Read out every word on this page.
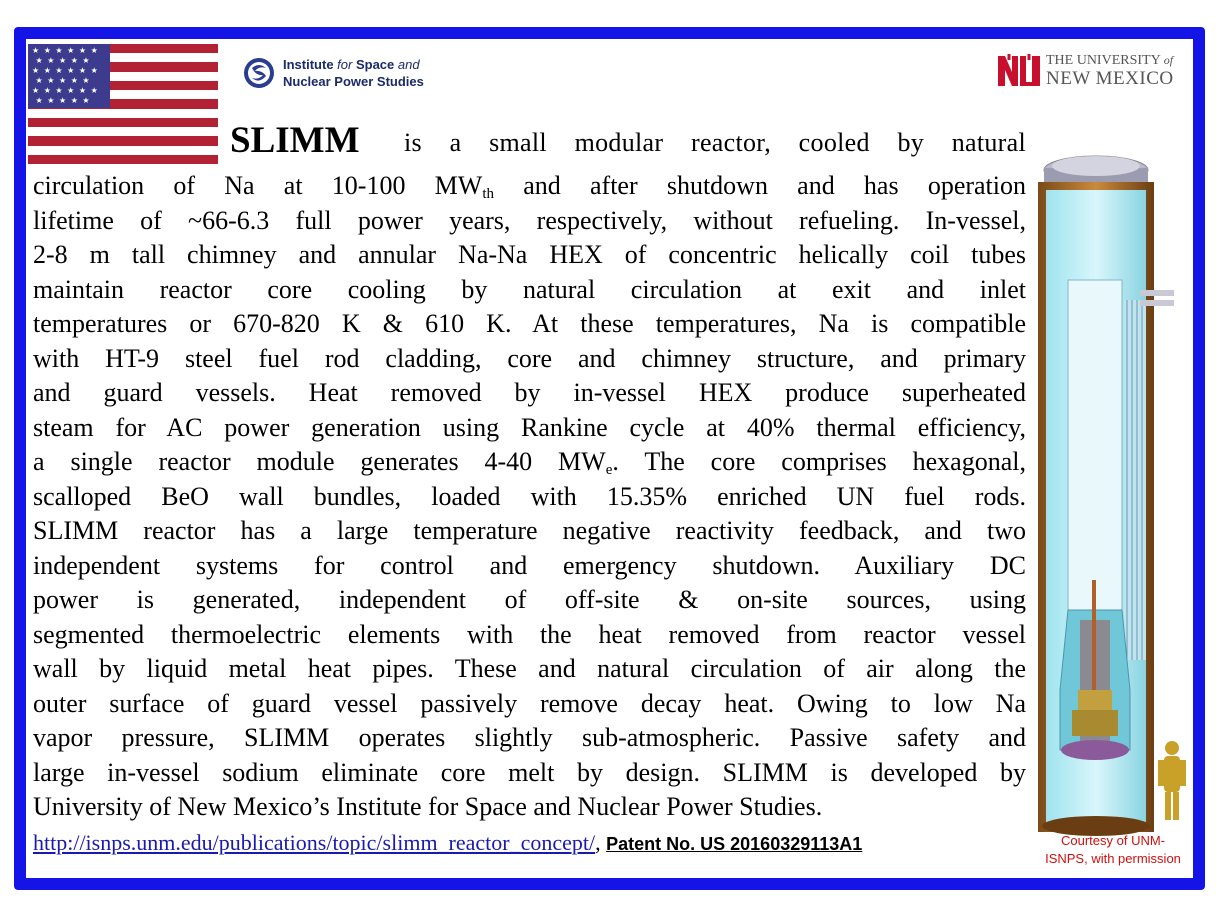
★ ★ ★ ★ ★ ★
★ ★ ★ ★ ★
★ ★ ★ ★ ★ ★
★ ★ ★ ★ ★
★ ★ ★ ★ ★ ★
★ ★ ★ ★ ★
Institute for Space and
Nuclear Power Studies
THE UNIVERSITY of
NEW MEXICO
SLIMM is a small modular reactor, cooled by natural
circulation of Na at 10-100 $MW_{th}$ and after shutdown and has operation
lifetime of ~66-6.3 full power years, respectively, without refueling. In-vessel,
2-8 m tall chimney and annular Na-Na HEX of concentric helically coil tubes
maintain reactor core cooling by natural circulation at exit and inlet
temperatures or 670-820 K & 610 K. At these temperatures, Na is compatible
with HT-9 steel fuel rod cladding, core and chimney structure, and primary
and guard vessels. Heat removed by in-vessel HEX produce superheated
steam for AC power generation using Rankine cycle at 40% thermal efficiency,
a single reactor module generates 4-40 $MW_e$. The core comprises hexagonal,
scalloped BeO wall bundles, loaded with 15.35% enriched UN fuel rods.
SLIMM reactor has a large temperature negative reactivity feedback, and two
independent systems for control and emergency shutdown. Auxiliary DC
power is generated, independent of off-site & on-site sources, using
segmented thermoelectric elements with the heat removed from reactor vessel
wall by liquid metal heat pipes. These and natural circulation of air along the
outer surface of guard vessel passively remove decay heat. Owing to low Na
vapor pressure, SLIMM operates slightly sub-atmospheric. Passive safety and
large in-vessel sodium eliminate core melt by design. SLIMM is developed by
University of New Mexico’s Institute for Space and Nuclear Power Studies.
http://isnps.unm.edu/publications/topic/slimm_reactor_concept/, Patent No. US 20160329113A1	Courtesy of UNM-
ISNPS, with permission
